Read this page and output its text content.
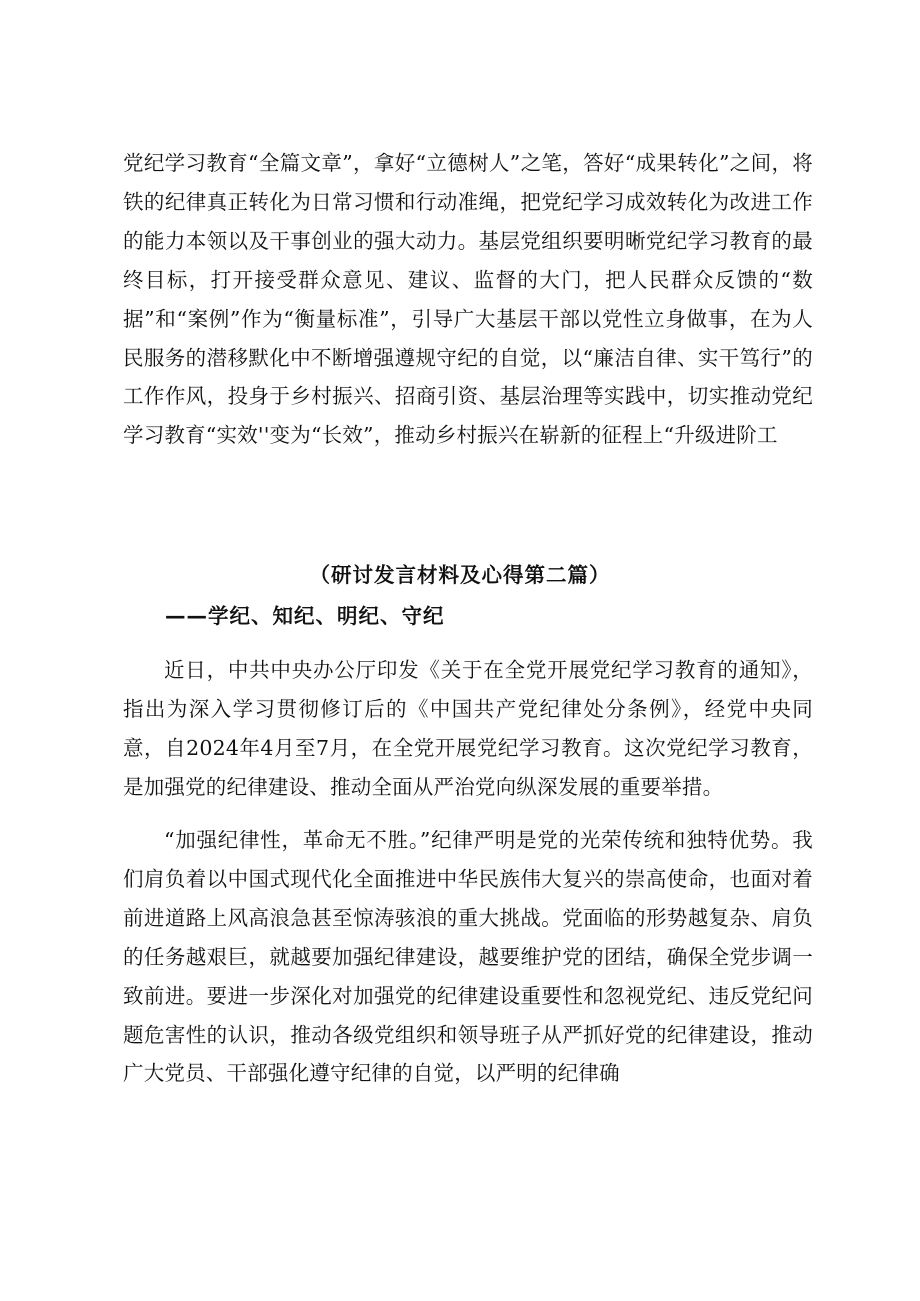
党纪学习教育“全篇文章”，拿好“立德树人”之笔，答好“成果转化”之间，将铁的纪律真正转化为日常习惯和行动准绳，把党纪学习成效转化为改进工作的能力本领以及干事创业的强大动力。基层党组织要明晰党纪学习教育的最终目标，打开接受群众意见、建议、监督的大门，把人民群众反馈的“数据”和“案例”作为“衡量标准”，引导广大基层干部以党性立身做事，在为人民服务的潜移默化中不断增强遵规守纪的自觉，以“廉洁自律、实干笃行”的工作作风，投身于乡村振兴、招商引资、基层治理等实践中，切实推动党纪学习教育“实效''变为“长效”，推动乡村振兴在崭新的征程上“升级进阶工

（研讨发言材料及心得第二篇）
——学纪、知纪、明纪、守纪

近日，中共中央办公厅印发《关于在全党开展党纪学习教育的通知》，指出为深入学习贯彻修订后的《中国共产党纪律处分条例》，经党中央同意，自2024年4月至7月，在全党开展党纪学习教育。这次党纪学习教育，是加强党的纪律建设、推动全面从严治党向纵深发展的重要举措。

“加强纪律性，革命无不胜。”纪律严明是党的光荣传统和独特优势。我们肩负着以中国式现代化全面推进中华民族伟大复兴的崇高使命，也面对着前进道路上风高浪急甚至惊涛骇浪的重大挑战。党面临的形势越复杂、肩负的任务越艰巨，就越要加强纪律建设，越要维护党的团结，确保全党步调一致前进。要进一步深化对加强党的纪律建设重要性和忽视党纪、违反党纪问题危害性的认识，推动各级党组织和领导班子从严抓好党的纪律建设，推动广大党员、干部强化遵守纪律的自觉，以严明的纪律确
